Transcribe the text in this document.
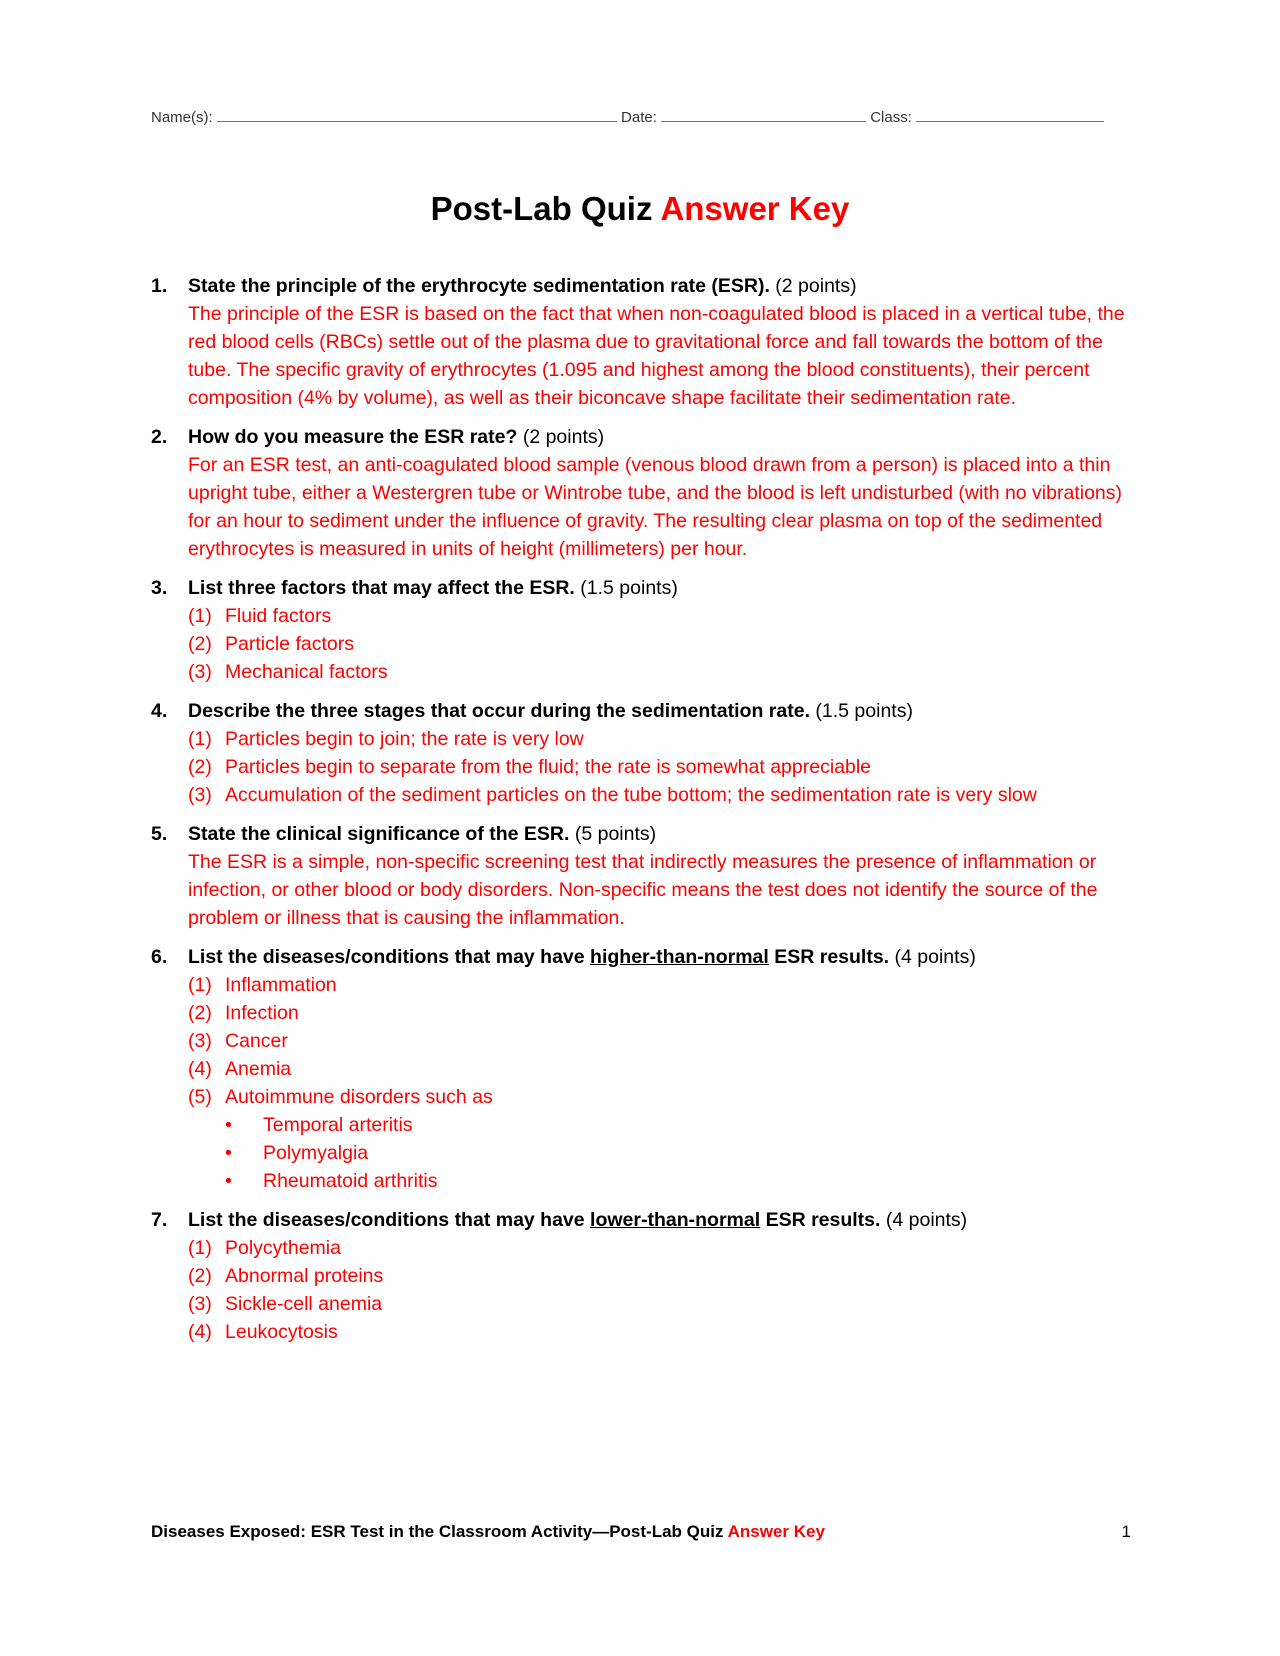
Name(s):	Date:	Class:
Post-Lab Quiz Answer Key
1. State the principle of the erythrocyte sedimentation rate (ESR). (2 points)
The principle of the ESR is based on the fact that when non-coagulated blood is placed in a vertical tube, the red blood cells (RBCs) settle out of the plasma due to gravitational force and fall towards the bottom of the tube. The specific gravity of erythrocytes (1.095 and highest among the blood constituents), their percent composition (4% by volume), as well as their biconcave shape facilitate their sedimentation rate.
2. How do you measure the ESR rate? (2 points)
For an ESR test, an anti-coagulated blood sample (venous blood drawn from a person) is placed into a thin upright tube, either a Westergren tube or Wintrobe tube, and the blood is left undisturbed (with no vibrations) for an hour to sediment under the influence of gravity. The resulting clear plasma on top of the sedimented erythrocytes is measured in units of height (millimeters) per hour.
3. List three factors that may affect the ESR. (1.5 points)
(1) Fluid factors
(2) Particle factors
(3) Mechanical factors
4. Describe the three stages that occur during the sedimentation rate. (1.5 points)
(1) Particles begin to join; the rate is very low
(2) Particles begin to separate from the fluid; the rate is somewhat appreciable
(3) Accumulation of the sediment particles on the tube bottom; the sedimentation rate is very slow
5. State the clinical significance of the ESR. (5 points)
The ESR is a simple, non-specific screening test that indirectly measures the presence of inflammation or infection, or other blood or body disorders. Non-specific means the test does not identify the source of the problem or illness that is causing the inflammation.
6. List the diseases/conditions that may have higher-than-normal ESR results. (4 points)
(1) Inflammation
(2) Infection
(3) Cancer
(4) Anemia
(5) Autoimmune disorders such as
• Temporal arteritis
• Polymyalgia
• Rheumatoid arthritis
7. List the diseases/conditions that may have lower-than-normal ESR results. (4 points)
(1) Polycythemia
(2) Abnormal proteins
(3) Sickle-cell anemia
(4) Leukocytosis
Diseases Exposed: ESR Test in the Classroom Activity—Post-Lab Quiz Answer Key	1
